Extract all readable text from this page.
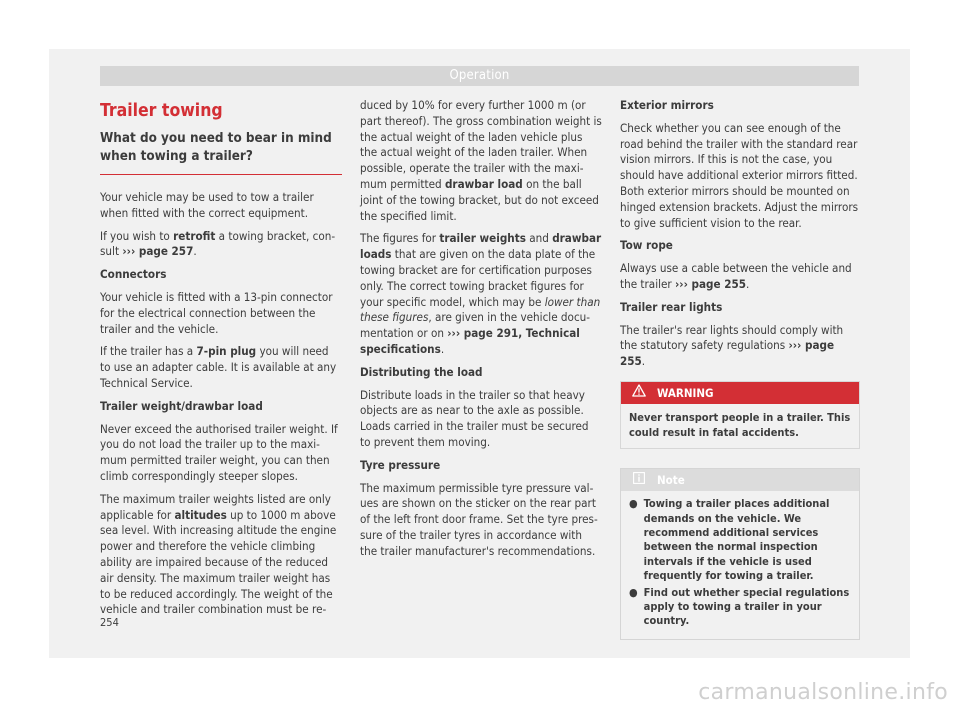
Operation
Trailer towing
What do you need to bear in mind when towing a trailer?

Your vehicle may be used to tow a trailer when fitted with the correct equipment.

If you wish to retrofit a towing bracket, consult ››› page 257.

Connectors

Your vehicle is fitted with a 13-pin connector for the electrical connection between the trailer and the vehicle.

If the trailer has a 7-pin plug you will need to use an adapter cable. It is available at any Technical Service.

Trailer weight/drawbar load

Never exceed the authorised trailer weight. If you do not load the trailer up to the maximum permitted trailer weight, you can then climb correspondingly steeper slopes.

The maximum trailer weights listed are only applicable for altitudes up to 1000 m above sea level. With increasing altitude the engine power and therefore the vehicle climbing ability are impaired because of the reduced air density. The maximum trailer weight has to be reduced accordingly. The weight of the vehicle and trailer combination must be re-

duced by 10% for every further 1000 m (or part thereof). The gross combination weight is the actual weight of the laden vehicle plus the actual weight of the laden trailer. When possible, operate the trailer with the maximum permitted drawbar load on the ball joint of the towing bracket, but do not exceed the specified limit.

The figures for trailer weights and drawbar loads that are given on the data plate of the towing bracket are for certification purposes only. The correct towing bracket figures for your specific model, which may be lower than these figures, are given in the vehicle documentation or on ››› page 291, Technical specifications.

Distributing the load

Distribute loads in the trailer so that heavy objects are as near to the axle as possible. Loads carried in the trailer must be secured to prevent them moving.

Tyre pressure

The maximum permissible tyre pressure values are shown on the sticker on the rear part of the left front door frame. Set the tyre pressure of the trailer tyres in accordance with the trailer manufacturer's recommendations.

Exterior mirrors

Check whether you can see enough of the road behind the trailer with the standard rear vision mirrors. If this is not the case, you should have additional exterior mirrors fitted. Both exterior mirrors should be mounted on hinged extension brackets. Adjust the mirrors to give sufficient vision to the rear.

Tow rope

Always use a cable between the vehicle and the trailer ››› page 255.

Trailer rear lights

The trailer's rear lights should comply with the statutory safety regulations ››› page 255.

WARNING
Never transport people in a trailer. This could result in fatal accidents.
Note
● Towing a trailer places additional demands on the vehicle. We recommend additional services between the normal inspection intervals if the vehicle is used frequently for towing a trailer.
● Find out whether special regulations apply to towing a trailer in your country.
254
carmanualsonline.info
